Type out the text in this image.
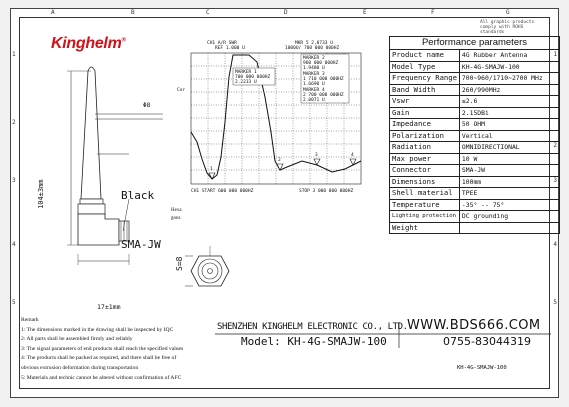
A	B	C	D	E	F	G
1
2
3
4
5
1
2
3
4
5
All graphic products comply with ROHS standards
Kinghelm®
Φ8
Black
SMA-JW
104±3mm
17±1mm
Hexa
gons
S=8
CH1 A/R SWR
REF 1.000 U
MKR 5 2,0733 U
1000U/ 700 000 000HZ
Cor
MARKER 1
700 000 000HZ
2.2233 U
MARKER 2
960 000 000HZ
1.9480 U
MARKER 3
1 710 000 000HZ
1.6690 U
MARKER 4
2 700 000 000HZ
2.0071 U
1
2
3	4
CH1 START 600 000 000HZ	STOP 3 000 000 000HZ
Performance parameters	
Product name	4G Rubber Antenna
Model Type	KH-4G-SMAJW-100
Frequency Range	700~960/1710~2700 MHz
Band Width	260/990MHz
Vswr	≤2.6
Gain	2.15DBi
Impedance	50 OHM
Polarization	Vertical
Radiation	OMNIDIRECTIONAL
Max power	10 W
Connector	SMA-JW
Dimensions	100mm
Shell material	TPEE
Temperature	-35° -- 75°
Lighting protection	DC grounding
Weight	
Remark
1: The dimensions marked in the drawing shall be inspected by IQC
2: All parts shall be assembled firmly and reliably
3: The signal parameters of end products shall reach the specified values
4: The products shall be packed as required, and there shall be free of
obvious extrusion deformation during transportation
5: Materials and technic cannot be altered without confirmation of AFC
SHENZHEN KINGHELM ELECTRONIC CO., LTD. WWW.BDS666.COM
Model: KH-4G-SMAJW-100	0755-83044319
KH-4G-SMAJW-100
